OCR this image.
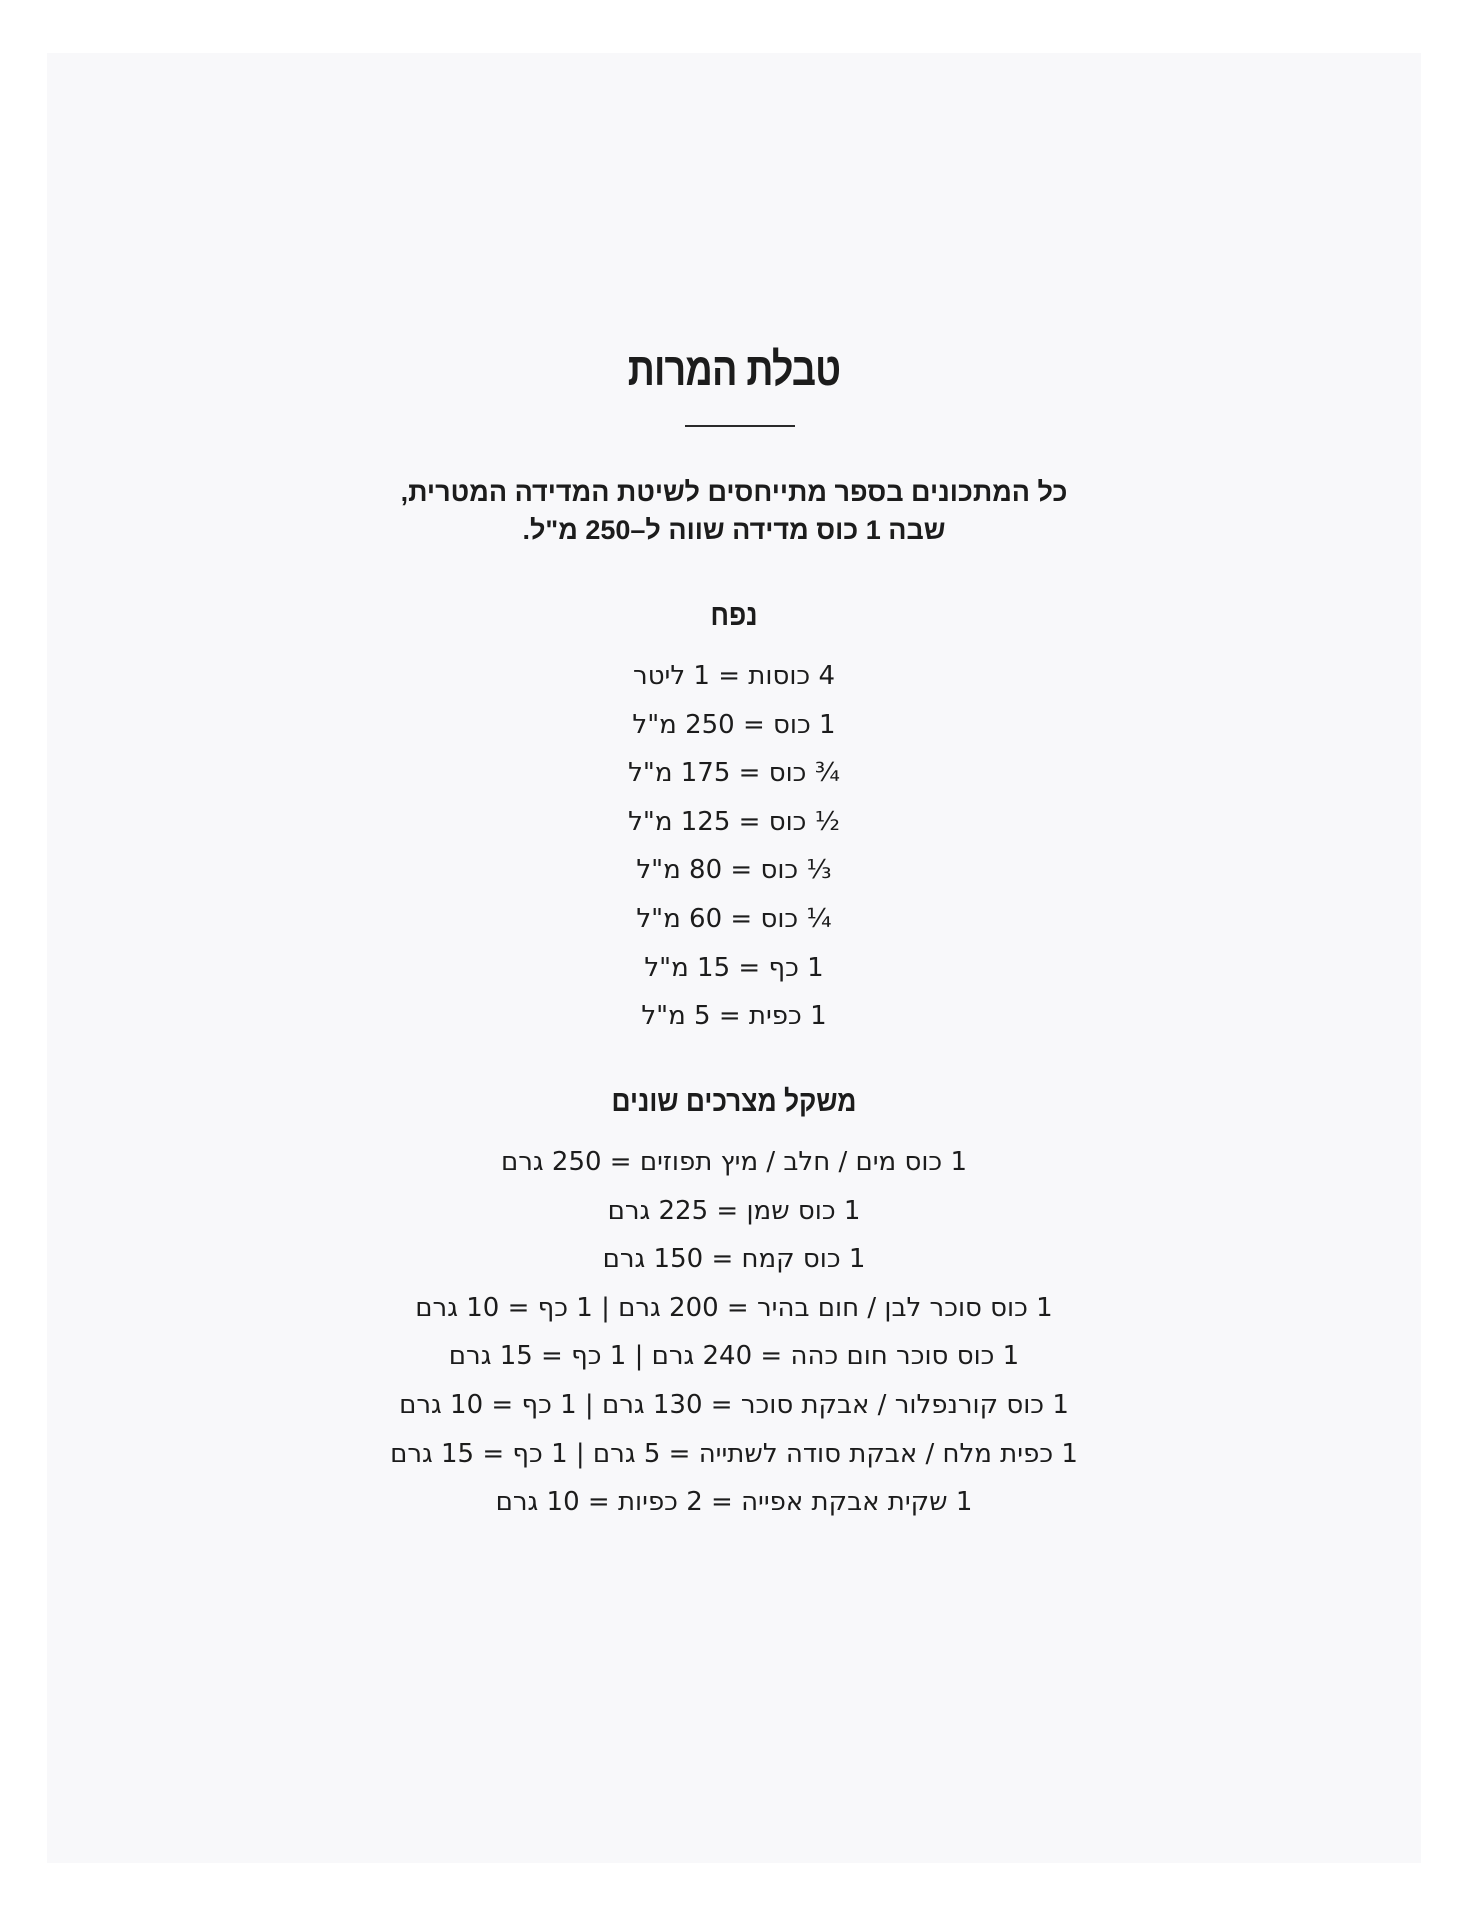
טבלת המרות
כל המתכונים בספר מתייחסים לשיטת המדידה המטרית,
שבה 1 כוס מדידה שווה ל–250 מ"ל.
נפח
4 כוסות = 1 ליטר
1 כוס = 250 מ"ל
¾ כוס = 175 מ"ל
½ כוס = 125 מ"ל
⅓ כוס = 80 מ"ל
¼ כוס = 60 מ"ל
1 כף = 15 מ"ל
1 כפית = 5 מ"ל
משקל מצרכים שונים
1 כוס מים / חלב / מיץ תפוזים = 250 גרם
1 כוס שמן = 225 גרם
1 כוס קמח = 150 גרם
1 כוס סוכר לבן / חום בהיר = 200 גרם | 1 כף = 10 גרם
1 כוס סוכר חום כהה = 240 גרם | 1 כף = 15 גרם
1 כוס קורנפלור / אבקת סוכר = 130 גרם | 1 כף = 10 גרם
1 כפית מלח / אבקת סודה לשתייה = 5 גרם | 1 כף = 15 גרם
1 שקית אבקת אפייה = 2 כפיות = 10 גרם
